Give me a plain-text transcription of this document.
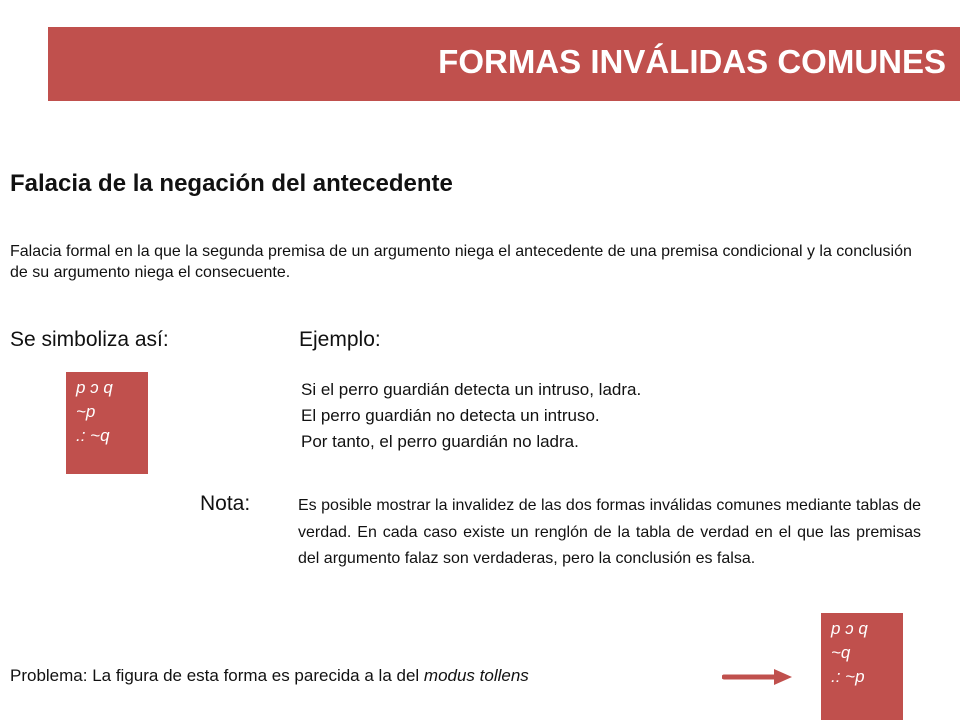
FORMAS INVÁLIDAS COMUNES
Falacia de la negación del antecedente
Falacia formal en la que la segunda premisa de un argumento niega el antecedente de una premisa condicional y la conclusión de su argumento niega el consecuente.
Se simboliza así:	Ejemplo:
p ɔ q
~p
.: ~q
Si el perro guardián detecta un intruso, ladra.
El perro guardián no detecta un intruso.
Por tanto, el perro guardián no ladra.
Nota:	Es posible mostrar la invalidez de las dos formas inválidas comunes mediante tablas de verdad. En cada caso existe un renglón de la tabla de verdad en el que las premisas del argumento falaz son verdaderas, pero la conclusión es falsa.
Problema: La figura de esta forma es parecida a la del modus tollens
p ɔ q
~q
.: ~p
